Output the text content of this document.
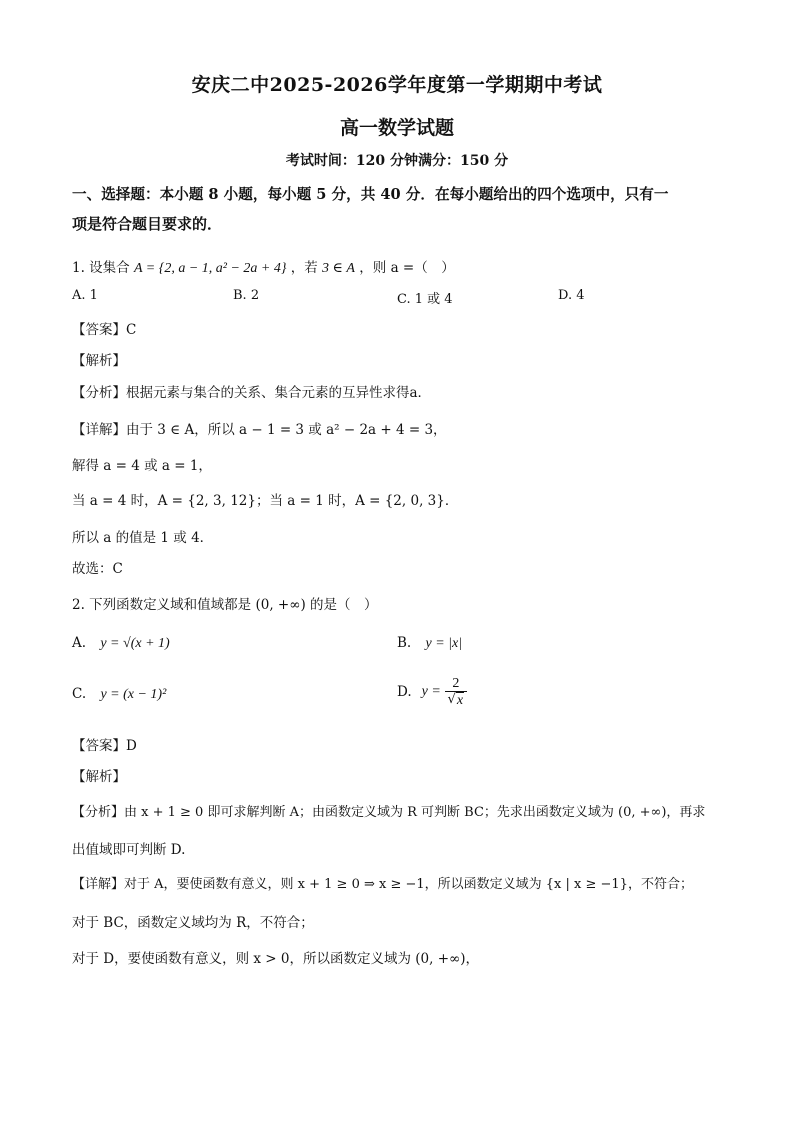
安庆二中2025-2026学年度第一学期期中考试
高一数学试题
考试时间：120 分钟满分：150 分
一、选择题：本小题 8 小题，每小题 5 分，共 40 分．在每小题给出的四个选项中，只有一
项是符合题目要求的．
1. 设集合 A = {2, a − 1, a² − 2a + 4} ，若 3 ∈ A ，则 a =（　）
A. 1	B. 2	C. 1 或 4	D. 4
【答案】C
【解析】
【分析】根据元素与集合的关系、集合元素的互异性求得a．
【详解】由于 3 ∈ A，所以 a − 1 = 3 或 a² − 2a + 4 = 3，
解得 a = 4 或 a = 1，
当 a = 4 时，A = {2, 3, 12}；当 a = 1 时，A = {2, 0, 3}．
所以 a 的值是 1 或 4．
故选：C
2. 下列函数定义域和值域都是 (0, +∞) 的是（　）
A. y = √(x + 1)	B. y = |x|
C. y = (x − 1)²	D. y =
2
√ x
【答案】D
【解析】
【分析】由 x + 1 ≥ 0 即可求解判断 A；由函数定义域为 R 可判断 BC；先求出函数定义域为 (0, +∞)，再求
出值域即可判断 D.
【详解】对于 A，要使函数有意义，则 x + 1 ≥ 0 ⇒ x ≥ −1，所以函数定义域为 {x | x ≥ −1}，不符合；
对于 BC，函数定义域均为 R，不符合；
对于 D，要使函数有意义，则 x > 0，所以函数定义域为 (0, +∞)，
